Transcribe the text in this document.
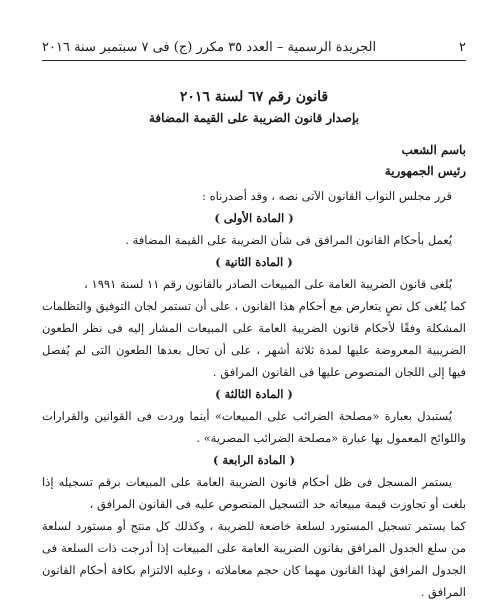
٢
الجريدة الرسمية – العدد ٣٥ مكرر (ج) فى ٧ سبتمبر سنة ٢٠١٦
قانون رقم ٦٧ لسنة ٢٠١٦
بإصدار قانون الضريبة على القيمة المضافة
باسم الشعب
رئيس الجمهورية

قرر مجلس النواب القانون الآتى نصه ، وقد أصدرناه :

( المادة الأولى )

يُعمل بأحكام القانون المرافق فى شأن الضريبة على القيمة المضافة .

( المادة الثانية )

يُلغى قانون الضريبة العامة على المبيعات الصادر بالقانون رقم ١١ لسنة ١٩٩١ ،

كما يُلغى كل نصٍ يتعارض مع أحكام هذا القانون ، على أن تستمر لجان التوفيق والتظلمات المشكلة وفقًا لأحكام قانون الضريبة العامة على المبيعات المشار إليه فى نظر الطعون الضريبية المعروضة عليها لمدة ثلاثة أشهر ، على أن تحال بعدها الطعون التى لم يُفصل فيها إلى اللجان المنصوص عليها فى القانون المرافق .

( المادة الثالثة )

يُستبدل بعبارة «مصلحة الضرائب على المبيعات» أينما وردت فى القوانين والقرارات واللوائح المعمول بها عبارة «مصلحة الضرائب المصرية» .

( المادة الرابعة )

يستمر المسجل فى ظل أحكام قانون الضريبة العامة على المبيعات برقم تسجيله إذا بلغت أو تجاوزت قيمة مبيعاته حد التسجيل المنصوص عليه فى القانون المرافق ،

كما يستمر تسجيل المستورد لسلعة خاضعة للضريبة ، وكذلك كل منتج أو مستورد لسلعة من سلع الجدول المرافق بقانون الضريبة العامة على المبيعات إذا أدرجت ذات السلعة فى الجدول المرافق لهذا القانون مهما كان حجم معاملاته ، وعليه الالتزام بكافة أحكام القانون المرافق .
